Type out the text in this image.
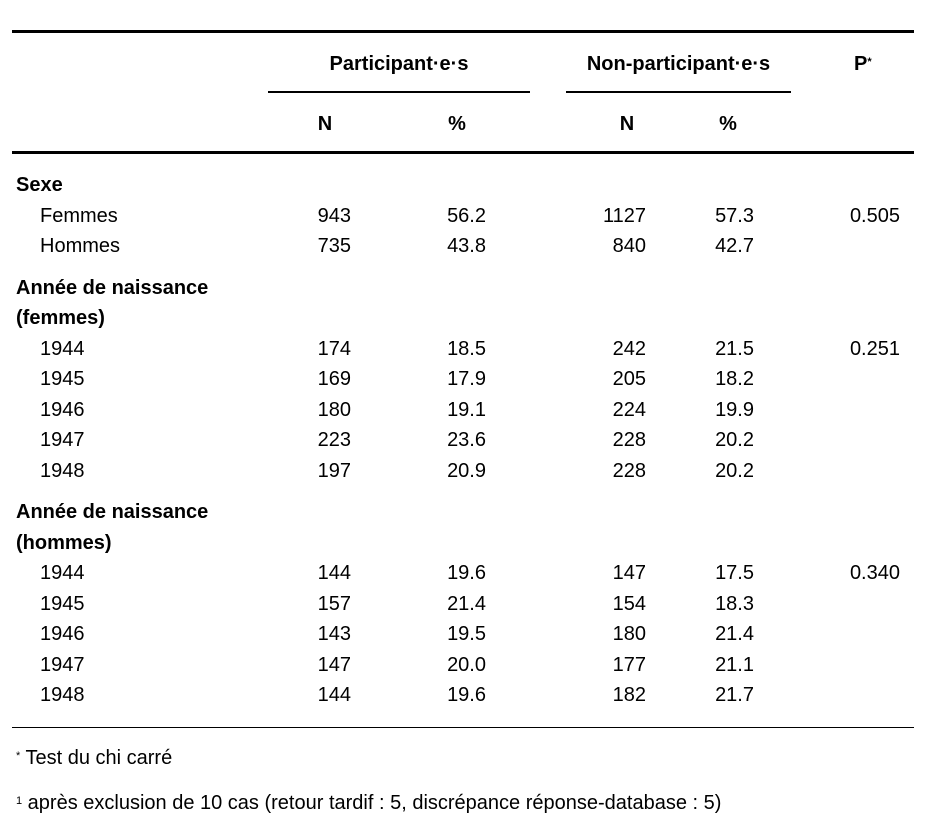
Participant·e·s	Non-participant·e·s	P*
N	%	N	%
Sexe
Femmes	943	56.2	1127	57.3	0.505
Hommes	735	43.8	840	42.7
Année de naissance
(femmes)
1944	174	18.5	242	21.5	0.251
1945	169	17.9	205	18.2
1946	180	19.1	224	19.9
1947	223	23.6	228	20.2
1948	197	20.9	228	20.2
Année de naissance
(hommes)
1944	144	19.6	147	17.5	0.340
1945	157	21.4	154	18.3
1946	143	19.5	180	21.4
1947	147	20.0	177	21.1
1948	144	19.6	182	21.7
* Test du chi carré
$^1$ après exclusion de 10 cas (retour tardif : 5, discrépance réponse-database : 5)
